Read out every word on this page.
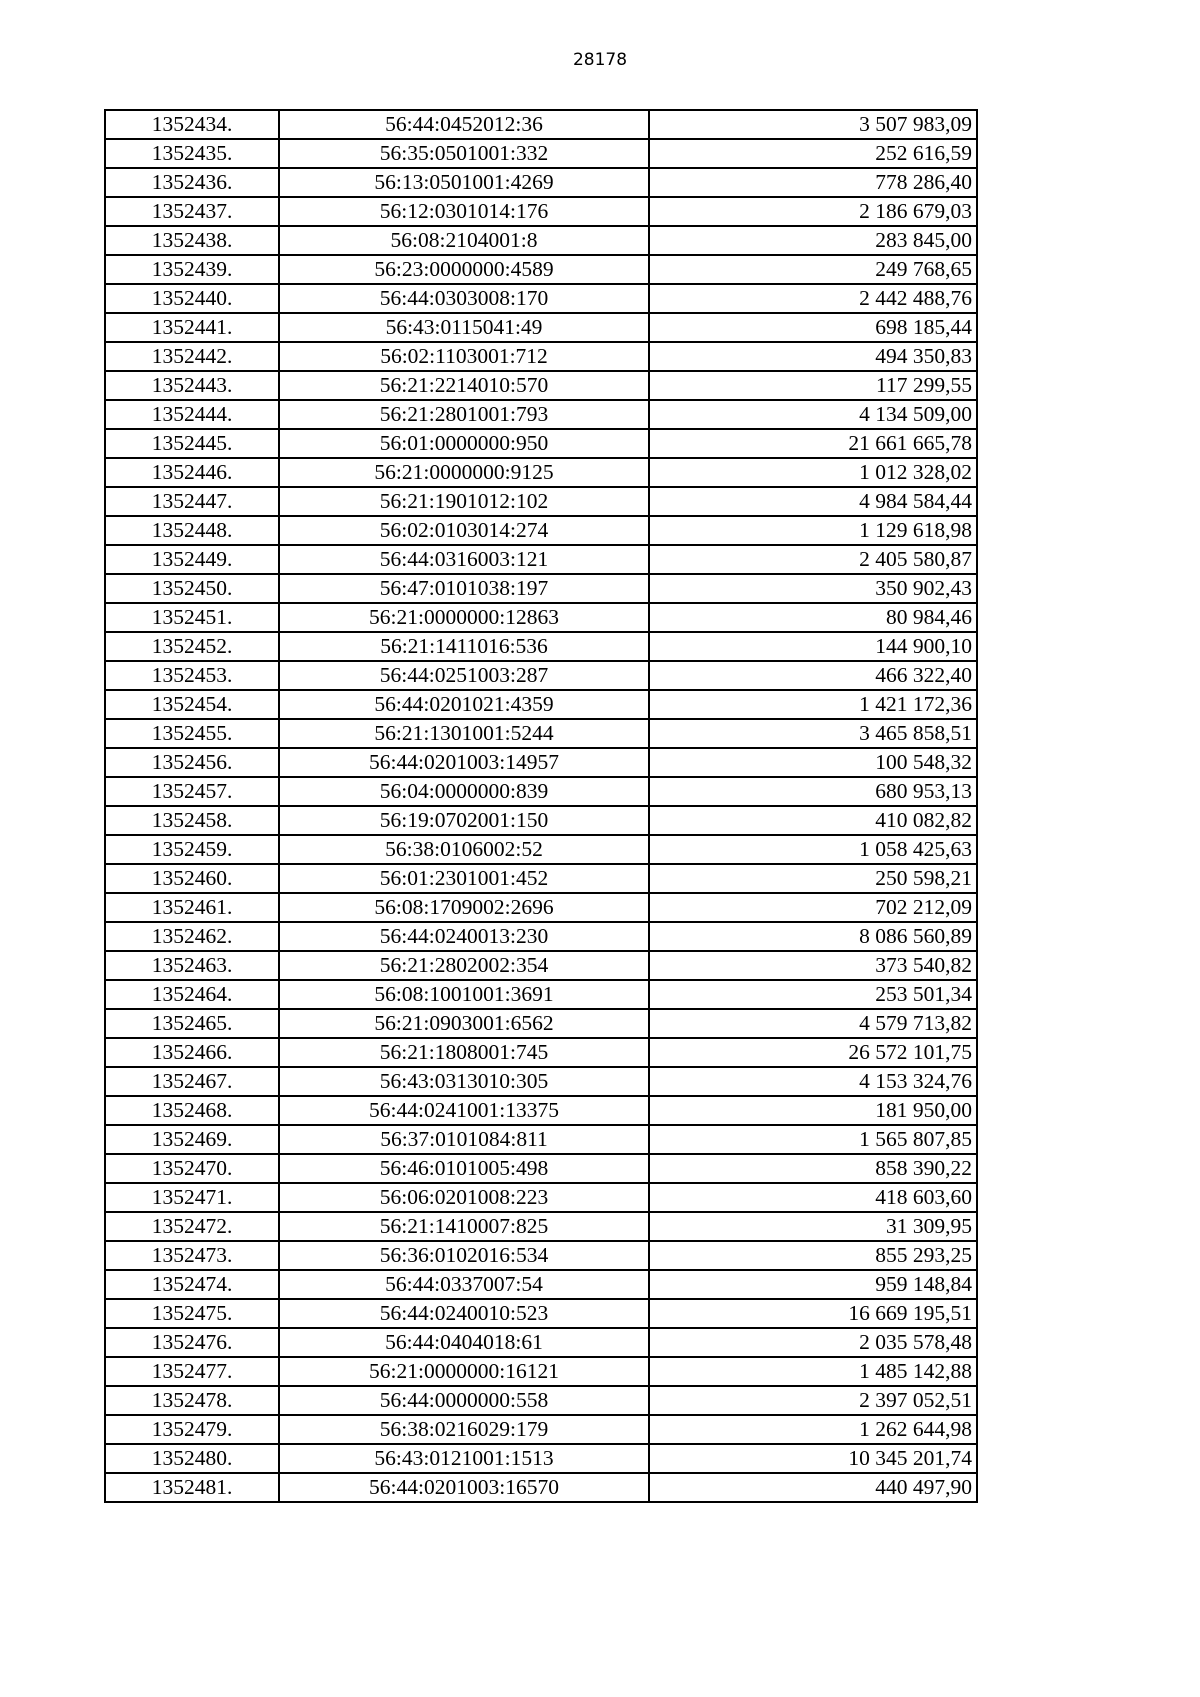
28178
1352434.	56:44:0452012:36	3 507 983,09
1352435.	56:35:0501001:332	252 616,59
1352436.	56:13:0501001:4269	778 286,40
1352437.	56:12:0301014:176	2 186 679,03
1352438.	56:08:2104001:8	283 845,00
1352439.	56:23:0000000:4589	249 768,65
1352440.	56:44:0303008:170	2 442 488,76
1352441.	56:43:0115041:49	698 185,44
1352442.	56:02:1103001:712	494 350,83
1352443.	56:21:2214010:570	117 299,55
1352444.	56:21:2801001:793	4 134 509,00
1352445.	56:01:0000000:950	21 661 665,78
1352446.	56:21:0000000:9125	1 012 328,02
1352447.	56:21:1901012:102	4 984 584,44
1352448.	56:02:0103014:274	1 129 618,98
1352449.	56:44:0316003:121	2 405 580,87
1352450.	56:47:0101038:197	350 902,43
1352451.	56:21:0000000:12863	80 984,46
1352452.	56:21:1411016:536	144 900,10
1352453.	56:44:0251003:287	466 322,40
1352454.	56:44:0201021:4359	1 421 172,36
1352455.	56:21:1301001:5244	3 465 858,51
1352456.	56:44:0201003:14957	100 548,32
1352457.	56:04:0000000:839	680 953,13
1352458.	56:19:0702001:150	410 082,82
1352459.	56:38:0106002:52	1 058 425,63
1352460.	56:01:2301001:452	250 598,21
1352461.	56:08:1709002:2696	702 212,09
1352462.	56:44:0240013:230	8 086 560,89
1352463.	56:21:2802002:354	373 540,82
1352464.	56:08:1001001:3691	253 501,34
1352465.	56:21:0903001:6562	4 579 713,82
1352466.	56:21:1808001:745	26 572 101,75
1352467.	56:43:0313010:305	4 153 324,76
1352468.	56:44:0241001:13375	181 950,00
1352469.	56:37:0101084:811	1 565 807,85
1352470.	56:46:0101005:498	858 390,22
1352471.	56:06:0201008:223	418 603,60
1352472.	56:21:1410007:825	31 309,95
1352473.	56:36:0102016:534	855 293,25
1352474.	56:44:0337007:54	959 148,84
1352475.	56:44:0240010:523	16 669 195,51
1352476.	56:44:0404018:61	2 035 578,48
1352477.	56:21:0000000:16121	1 485 142,88
1352478.	56:44:0000000:558	2 397 052,51
1352479.	56:38:0216029:179	1 262 644,98
1352480.	56:43:0121001:1513	10 345 201,74
1352481.	56:44:0201003:16570	440 497,90
